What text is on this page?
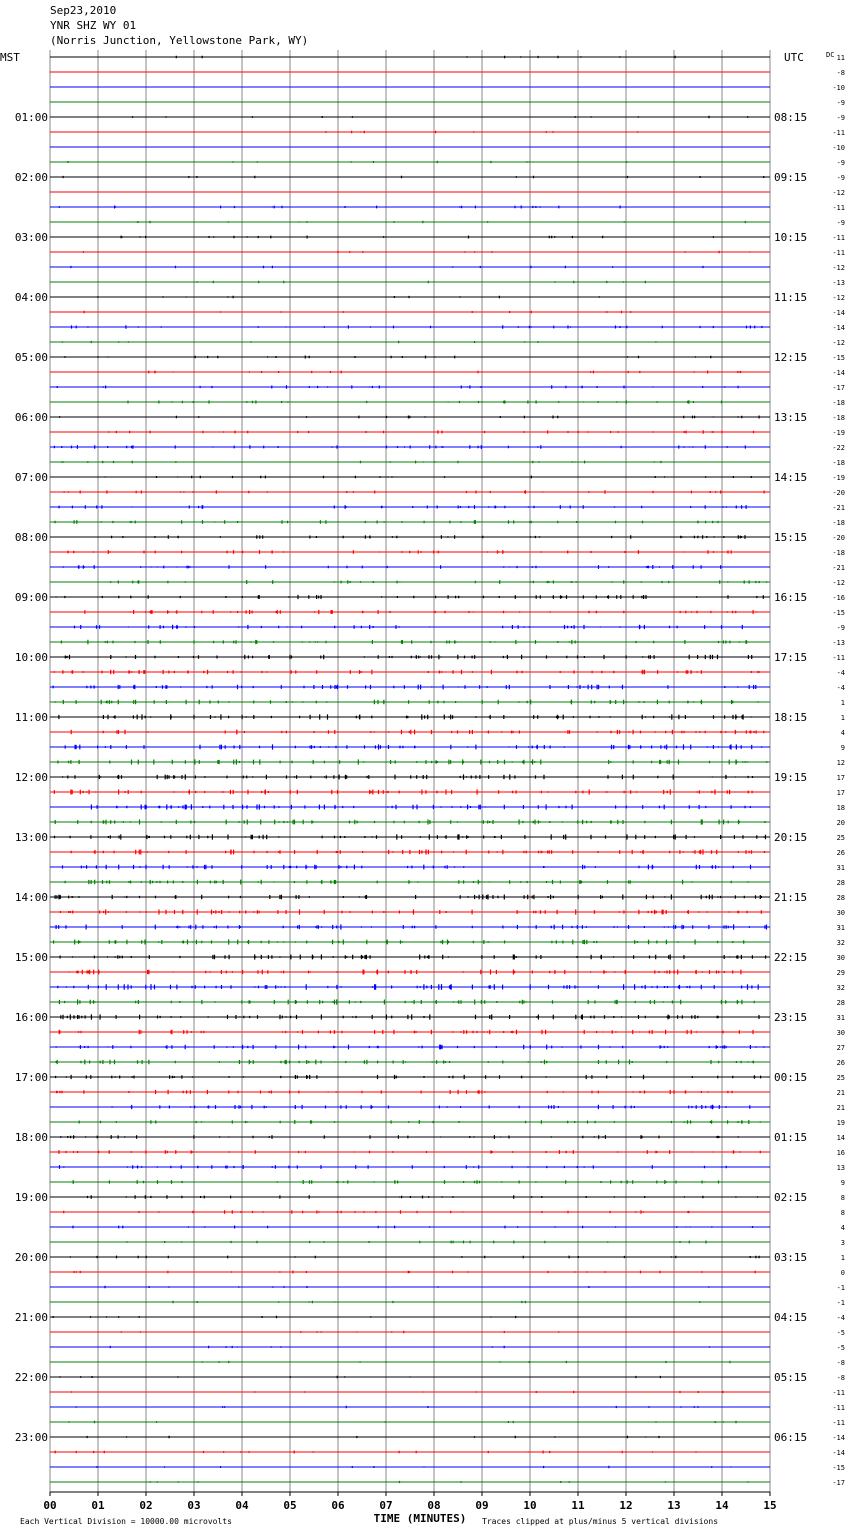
Sep23,2010
YNR SHZ WY 01
(Norris Junction, Yellowstone Park, WY)
00	01	02	03	04	05	06	07	08	09	10	11	12	13	14	15
01:00
02:00
03:00
04:00
05:00
06:00
07:00
08:00
09:00
10:00
11:00
12:00
13:00
14:00
15:00
16:00
17:00
18:00
19:00
20:00
21:00
22:00
23:00
08:15
09:15
10:15
11:15
12:15
13:15
14:15
15:15
16:15
17:15
18:15
19:15
20:15
21:15
22:15
23:15
00:15
01:15
02:15
03:15
04:15
05:15
06:15
11
-8
-10
-9
-9
-11
-10
-9
-9
-12
-11
-9
-11
-11
-12
-13
-12
-14
-14
-12
-15
-14
-17
-18
-18
-19
-22
-18
-19
-20
-21
-18
-20
-18
-21
-12
-16
-15
-9
-13
-11
-4
-4
1
1
4
9
12
17
17
18
20
25
26
31
28
28
30
31
32
30
29
32
28
31
30
27
26
25
21
21
19
14
16
13
9
8
8
4
3
1
0
-1
-1
-4
-5
-5
-8
-8
-11
-11
-11
-14
-14
-15
-17
MST	UTC	DC
TIME (MINUTES)
Each Vertical Division = 10000.00 microvolts	Traces clipped at plus/minus 5 vertical divisions
